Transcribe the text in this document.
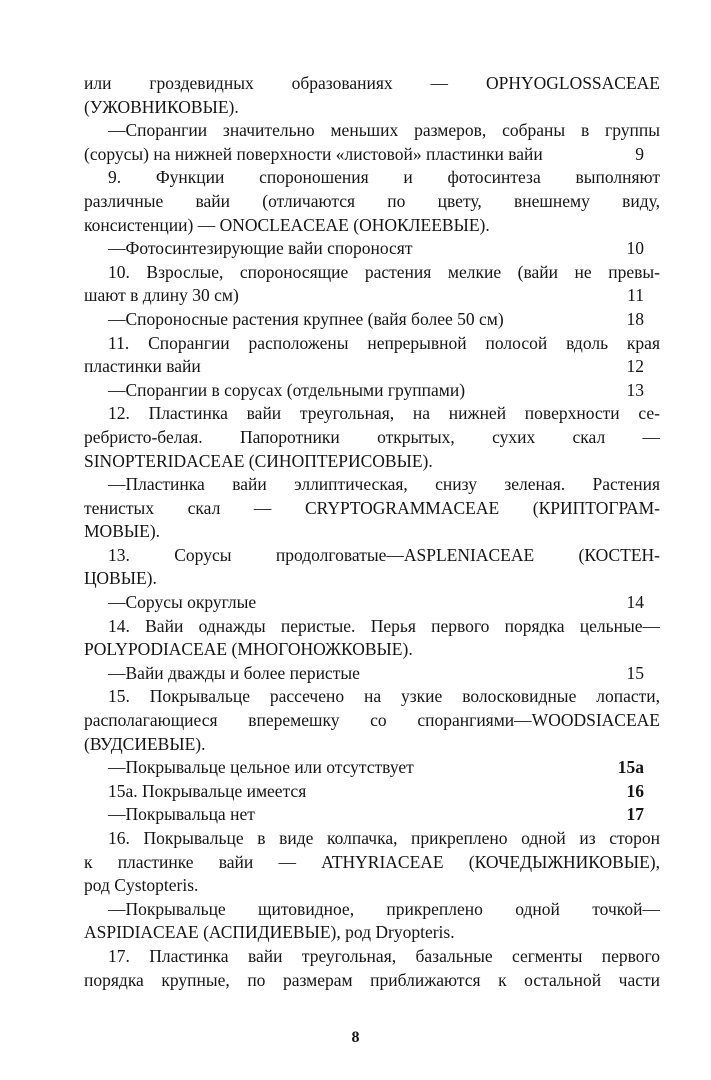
или гроздевидных образованиях — OPHYOGLOSSACEAE
(УЖОВНИКОВЫЕ).
—Спорангии значительно меньших размеров, собраны в группы
(сорусы) на нижней поверхности «листовой» пластинки вайи	9
9. Функции спороношения и фотосинтеза выполняют
различные вайи (отличаются по цвету, внешнему виду,
консистенции) — ONOCLEACEAE (ОНОКЛЕЕВЫЕ).
—Фотосинтезирующие вайи спороносят	10
10. Взрослые, спороносящие растения мелкие (вайи не превы-
шают в длину 30 см)	11
—Спороносные растения крупнее (вайя более 50 см)	18
11. Спорангии расположены непрерывной полосой вдоль края
пластинки вайи	12
—Спорангии в сорусах (отдельными группами)	13
12. Пластинка вайи треугольная, на нижней поверхности се-
ребристо-белая. Папоротники открытых, сухих скал —
SINOPTERIDACEAE (СИНОПТЕРИСОВЫЕ).
—Пластинка вайи эллиптическая, снизу зеленая. Растения
тенистых скал — CRYPTOGRAMMACEAE (КРИПТОГРАМ-
МОВЫЕ).
13. Сорусы продолговатые—ASPLENIACEAE (КОСТЕН-
ЦОВЫЕ).
—Сорусы округлые	14
14. Вайи однажды перистые. Перья первого порядка цельные—
POLYPODIACEAE (МНОГОНОЖКОВЫЕ).
—Вайи дважды и более перистые	15
15. Покрывальце рассечено на узкие волосковидные лопасти,
располагающиеся вперемешку со спорангиями—WOODSIACEAE
(ВУДСИЕВЫЕ).
—Покрывальце цельное или отсутствует	15а
15а. Покрывальце имеется	16
—Покрывальца нет	17
16. Покрывальце в виде колпачка, прикреплено одной из сторон
к пластинке вайи — ATHYRIACEAE (КОЧЕДЫЖНИКОВЫЕ),
род Cystopteris.
—Покрывальце щитовидное, прикреплено одной точкой—
ASPIDIACEAE (АСПИДИЕВЫЕ), род Dryopteris.
17. Пластинка вайи треугольная, базальные сегменты первого
порядка крупные, по размерам приближаются к остальной части
8
